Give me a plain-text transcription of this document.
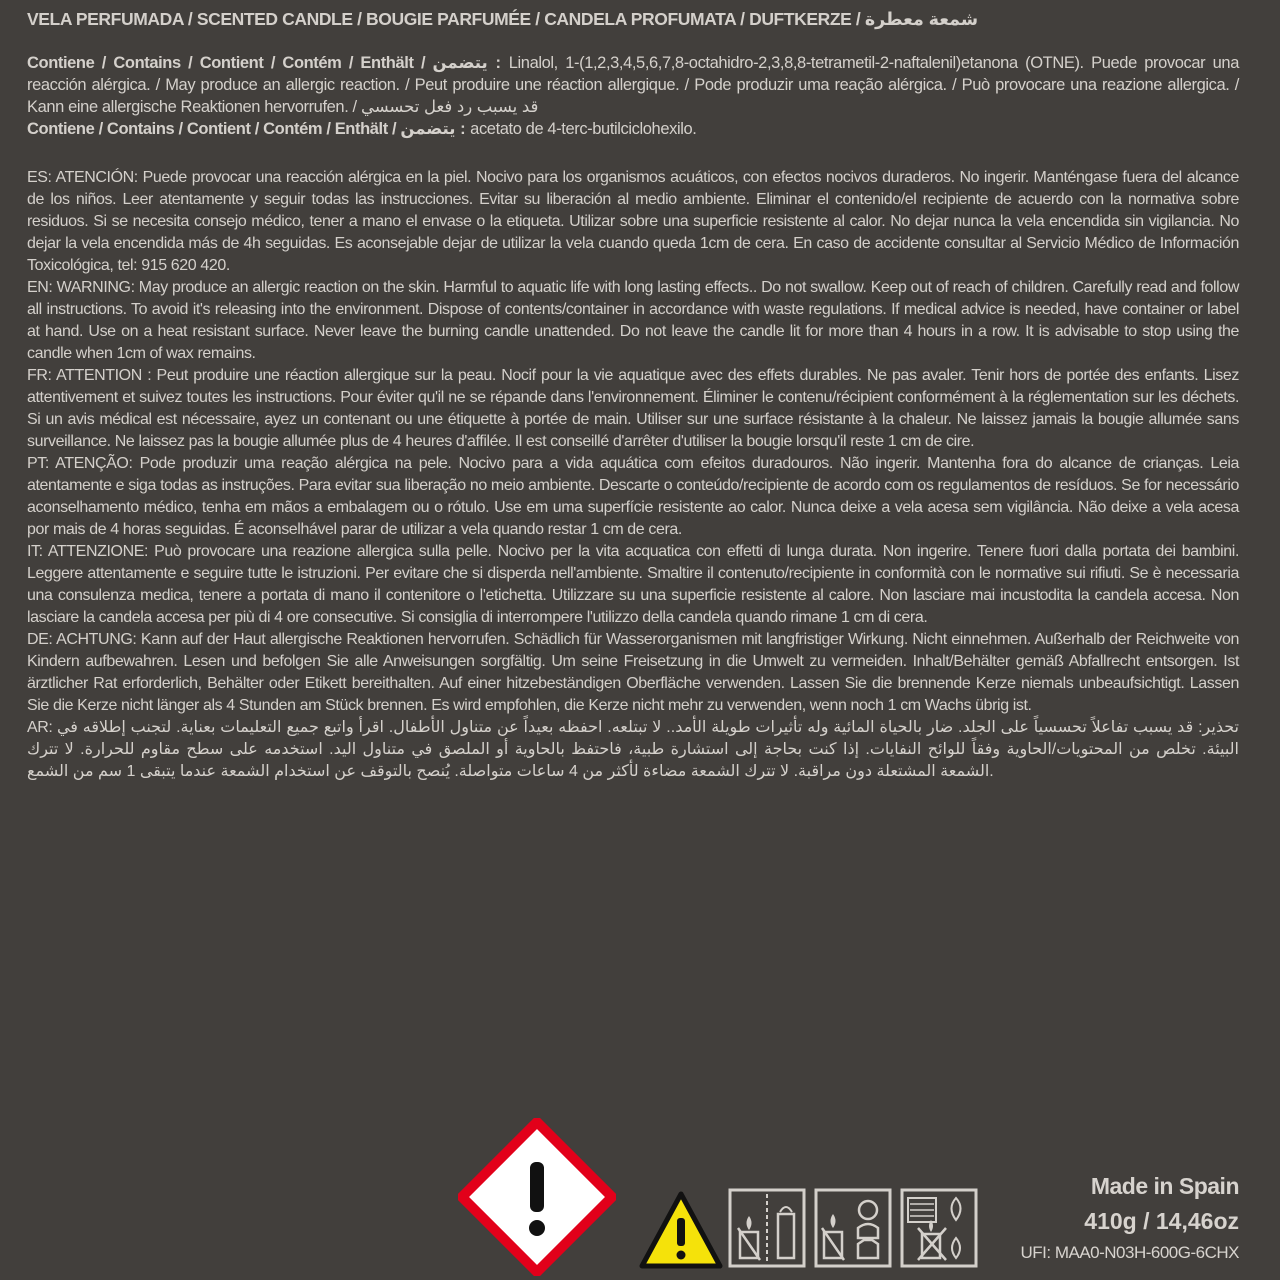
VELA PERFUMADA / SCENTED CANDLE / BOUGIE PARFUMÉE / CANDELA PROFUMATA / DUFTKERZE / شمعة معطرة

Contiene / Contains / Contient / Contém / Enthält / يتضمن : Linalol, 1-(1,2,3,4,5,6,7,8-octahidro-2,3,8,8-tetrametil-2-naftalenil)etanona (OTNE). Puede provocar una reacción alérgica. / May produce an allergic reaction. / Peut produire une réaction allergique. / Pode produzir uma reação alérgica. / Può provocare una reazione allergica. / Kann eine allergische Reaktionen hervorrufen. / قد يسبب رد فعل تحسسي

Contiene / Contains / Contient / Contém / Enthält / يتضمن : acetato de 4-terc-butilciclohexilo.

ES: ATENCIÓN: Puede provocar una reacción alérgica en la piel. Nocivo para los organismos acuáticos, con efectos nocivos duraderos. No ingerir. Manténgase fuera del alcance de los niños. Leer atentamente y seguir todas las instrucciones. Evitar su liberación al medio ambiente. Eliminar el contenido/el recipiente de acuerdo con la normativa sobre residuos. Si se necesita consejo médico, tener a mano el envase o la etiqueta. Utilizar sobre una superficie resistente al calor. No dejar nunca la vela encendida sin vigilancia. No dejar la vela encendida más de 4h seguidas. Es aconsejable dejar de utilizar la vela cuando queda 1cm de cera. En caso de accidente consultar al Servicio Médico de Información Toxicológica, tel: 915 620 420.

EN: WARNING: May produce an allergic reaction on the skin. Harmful to aquatic life with long lasting effects.. Do not swallow. Keep out of reach of children. Carefully read and follow all instructions. To avoid it's releasing into the environment. Dispose of contents/container in accordance with waste regulations. If medical advice is needed, have container or label at hand. Use on a heat resistant surface. Never leave the burning candle unattended. Do not leave the candle lit for more than 4 hours in a row. It is advisable to stop using the candle when 1cm of wax remains.

FR: ATTENTION : Peut produire une réaction allergique sur la peau. Nocif pour la vie aquatique avec des effets durables. Ne pas avaler. Tenir hors de portée des enfants. Lisez attentivement et suivez toutes les instructions. Pour éviter qu'il ne se répande dans l'environnement. Éliminer le contenu/récipient conformément à la réglementation sur les déchets. Si un avis médical est nécessaire, ayez un contenant ou une étiquette à portée de main. Utiliser sur une surface résistante à la chaleur. Ne laissez jamais la bougie allumée sans surveillance. Ne laissez pas la bougie allumée plus de 4 heures d'affilée. Il est conseillé d'arrêter d'utiliser la bougie lorsqu'il reste 1 cm de cire.

PT: ATENÇÃO: Pode produzir uma reação alérgica na pele. Nocivo para a vida aquática com efeitos duradouros. Não ingerir. Mantenha fora do alcance de crianças. Leia atentamente e siga todas as instruções. Para evitar sua liberação no meio ambiente. Descarte o conteúdo/recipiente de acordo com os regulamentos de resíduos. Se for necessário aconselhamento médico, tenha em mãos a embalagem ou o rótulo. Use em uma superfície resistente ao calor. Nunca deixe a vela acesa sem vigilância. Não deixe a vela acesa por mais de 4 horas seguidas. É aconselhável parar de utilizar a vela quando restar 1 cm de cera.

IT: ATTENZIONE: Può provocare una reazione allergica sulla pelle. Nocivo per la vita acquatica con effetti di lunga durata. Non ingerire. Tenere fuori dalla portata dei bambini. Leggere attentamente e seguire tutte le istruzioni. Per evitare che si disperda nell'ambiente. Smaltire il contenuto/recipiente in conformità con le normative sui rifiuti. Se è necessaria una consulenza medica, tenere a portata di mano il contenitore o l'etichetta. Utilizzare su una superficie resistente al calore. Non lasciare mai incustodita la candela accesa. Non lasciare la candela accesa per più di 4 ore consecutive. Si consiglia di interrompere l'utilizzo della candela quando rimane 1 cm di cera.

DE: ACHTUNG: Kann auf der Haut allergische Reaktionen hervorrufen. Schädlich für Wasserorganismen mit langfristiger Wirkung. Nicht einnehmen. Außerhalb der Reichweite von Kindern aufbewahren. Lesen und befolgen Sie alle Anweisungen sorgfältig. Um seine Freisetzung in die Umwelt zu vermeiden. Inhalt/Behälter gemäß Abfallrecht entsorgen. Ist ärztlicher Rat erforderlich, Behälter oder Etikett bereithalten. Auf einer hitzebeständigen Oberfläche verwenden. Lassen Sie die brennende Kerze niemals unbeaufsichtigt. Lassen Sie die Kerze nicht länger als 4 Stunden am Stück brennen. Es wird empfohlen, die Kerze nicht mehr zu verwenden, wenn noch 1 cm Wachs übrig ist.

AR: تحذير: قد يسبب تفاعلاً تحسسياً على الجلد. ضار بالحياة المائية وله تأثيرات طويلة الأمد.. لا تبتلعه. احفظه بعيداً عن متناول الأطفال. اقرأ واتبع جميع التعليمات بعناية. لتجنب إطلاقه في البيئة. تخلص من المحتويات/الحاوية وفقاً للوائح النفايات. إذا كنت بحاجة إلى استشارة طبية، فاحتفظ بالحاوية أو الملصق في متناول اليد. استخدمه على سطح مقاوم للحرارة. لا تترك الشمعة المشتعلة دون مراقبة. لا تترك الشمعة مضاءة لأكثر من 4 ساعات متواصلة. يُنصح بالتوقف عن استخدام الشمعة عندما يتبقى 1 سم من الشمع.

Made in Spain
410g / 14,46oz
UFI: MAA0-N03H-600G-6CHX
